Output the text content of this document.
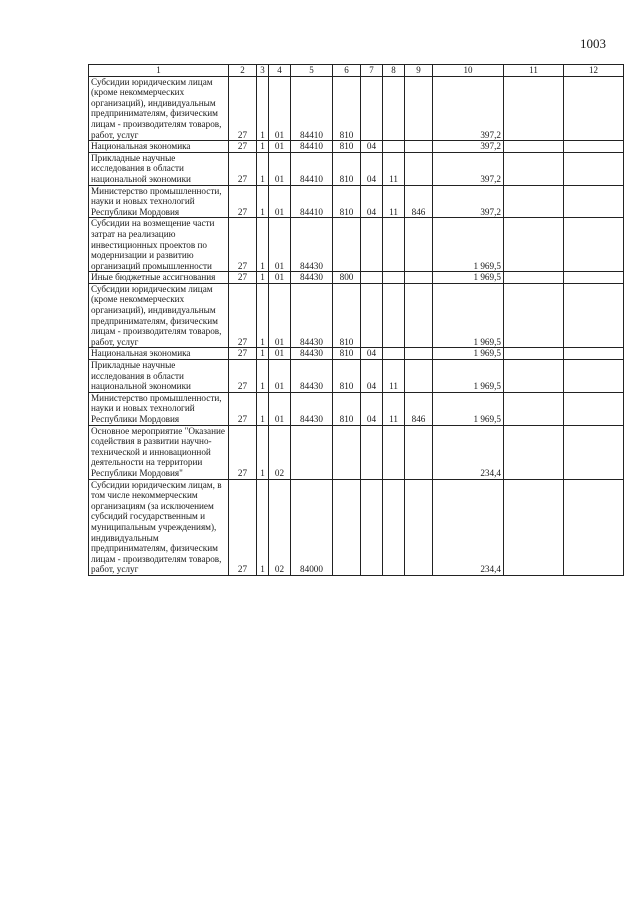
1003
1	2	3	4	5	6	7	8	9	10	11	12
Субсидии юридическим лицам (кроме некоммерческих организаций), индивидуальным предпринимателям, физическим лицам - производителям товаров, работ, услуг	27	1	01	84410	810				397,2		
Национальная экономика	27	1	01	84410	810	04			397,2		
Прикладные научные исследования в области национальной экономики	27	1	01	84410	810	04	11		397,2		
Министерство промышленности, науки и новых технологий Республики Мордовия	27	1	01	84410	810	04	11	846	397,2		
Субсидии на возмещение части затрат на реализацию инвестиционных проектов по модернизации и развитию организаций промышленности	27	1	01	84430					1 969,5		
Иные бюджетные ассигнования	27	1	01	84430	800				1 969,5		
Субсидии юридическим лицам (кроме некоммерческих организаций), индивидуальным предпринимателям, физическим лицам - производителям товаров, работ, услуг	27	1	01	84430	810				1 969,5		
Национальная экономика	27	1	01	84430	810	04			1 969,5		
Прикладные научные исследования в области национальной экономики	27	1	01	84430	810	04	11		1 969,5		
Министерство промышленности, науки и новых технологий Республики Мордовия	27	1	01	84430	810	04	11	846	1 969,5		
Основное мероприятие "Оказание содействия в развитии научно-технической и инновационной деятельности на территории Республики Мордовия"	27	1	02						234,4		
Субсидии юридическим лицам, в том числе некоммерческим организациям (за исключением субсидий государственным и муниципальным учреждениям), индивидуальным предпринимателям, физическим лицам - производителям товаров, работ, услуг	27	1	02	84000					234,4		
